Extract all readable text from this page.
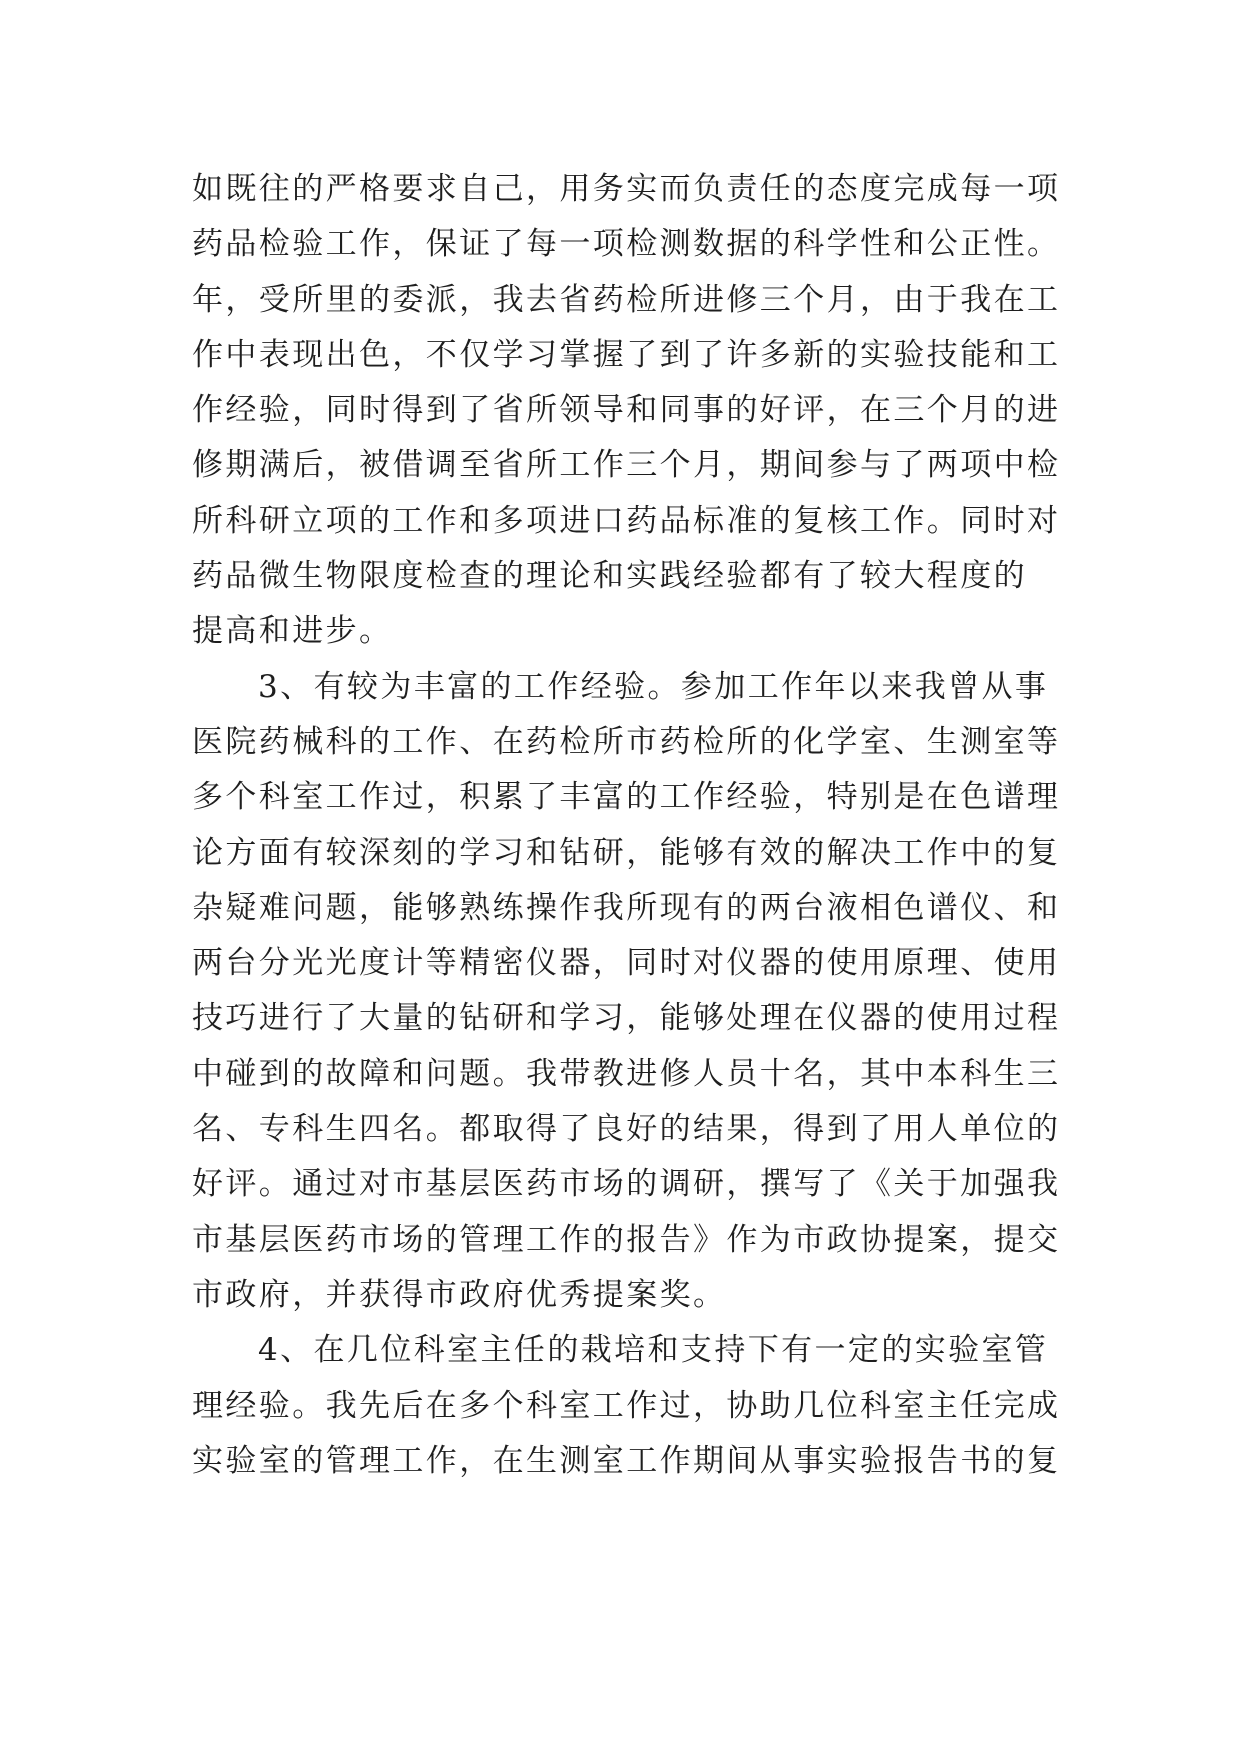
如既往的严格要求自己，用务实而负责任的态度完成每一项
药品检验工作，保证了每一项检测数据的科学性和公正性。
年，受所里的委派，我去省药检所进修三个月，由于我在工
作中表现出色，不仅学习掌握了到了许多新的实验技能和工
作经验，同时得到了省所领导和同事的好评，在三个月的进
修期满后，被借调至省所工作三个月，期间参与了两项中检
所科研立项的工作和多项进口药品标准的复核工作。同时对
药品微生物限度检查的理论和实践经验都有了较大程度的
提高和进步。
3、有较为丰富的工作经验。参加工作年以来我曾从事
医院药械科的工作、在药检所市药检所的化学室、生测室等
多个科室工作过，积累了丰富的工作经验，特别是在色谱理
论方面有较深刻的学习和钻研，能够有效的解决工作中的复
杂疑难问题，能够熟练操作我所现有的两台液相色谱仪、和
两台分光光度计等精密仪器，同时对仪器的使用原理、使用
技巧进行了大量的钻研和学习，能够处理在仪器的使用过程
中碰到的故障和问题。我带教进修人员十名，其中本科生三
名、专科生四名。都取得了良好的结果，得到了用人单位的
好评。通过对市基层医药市场的调研，撰写了《关于加强我
市基层医药市场的管理工作的报告》作为市政协提案，提交
市政府，并获得市政府优秀提案奖。
4、在几位科室主任的栽培和支持下有一定的实验室管
理经验。我先后在多个科室工作过，协助几位科室主任完成
实验室的管理工作，在生测室工作期间从事实验报告书的复
